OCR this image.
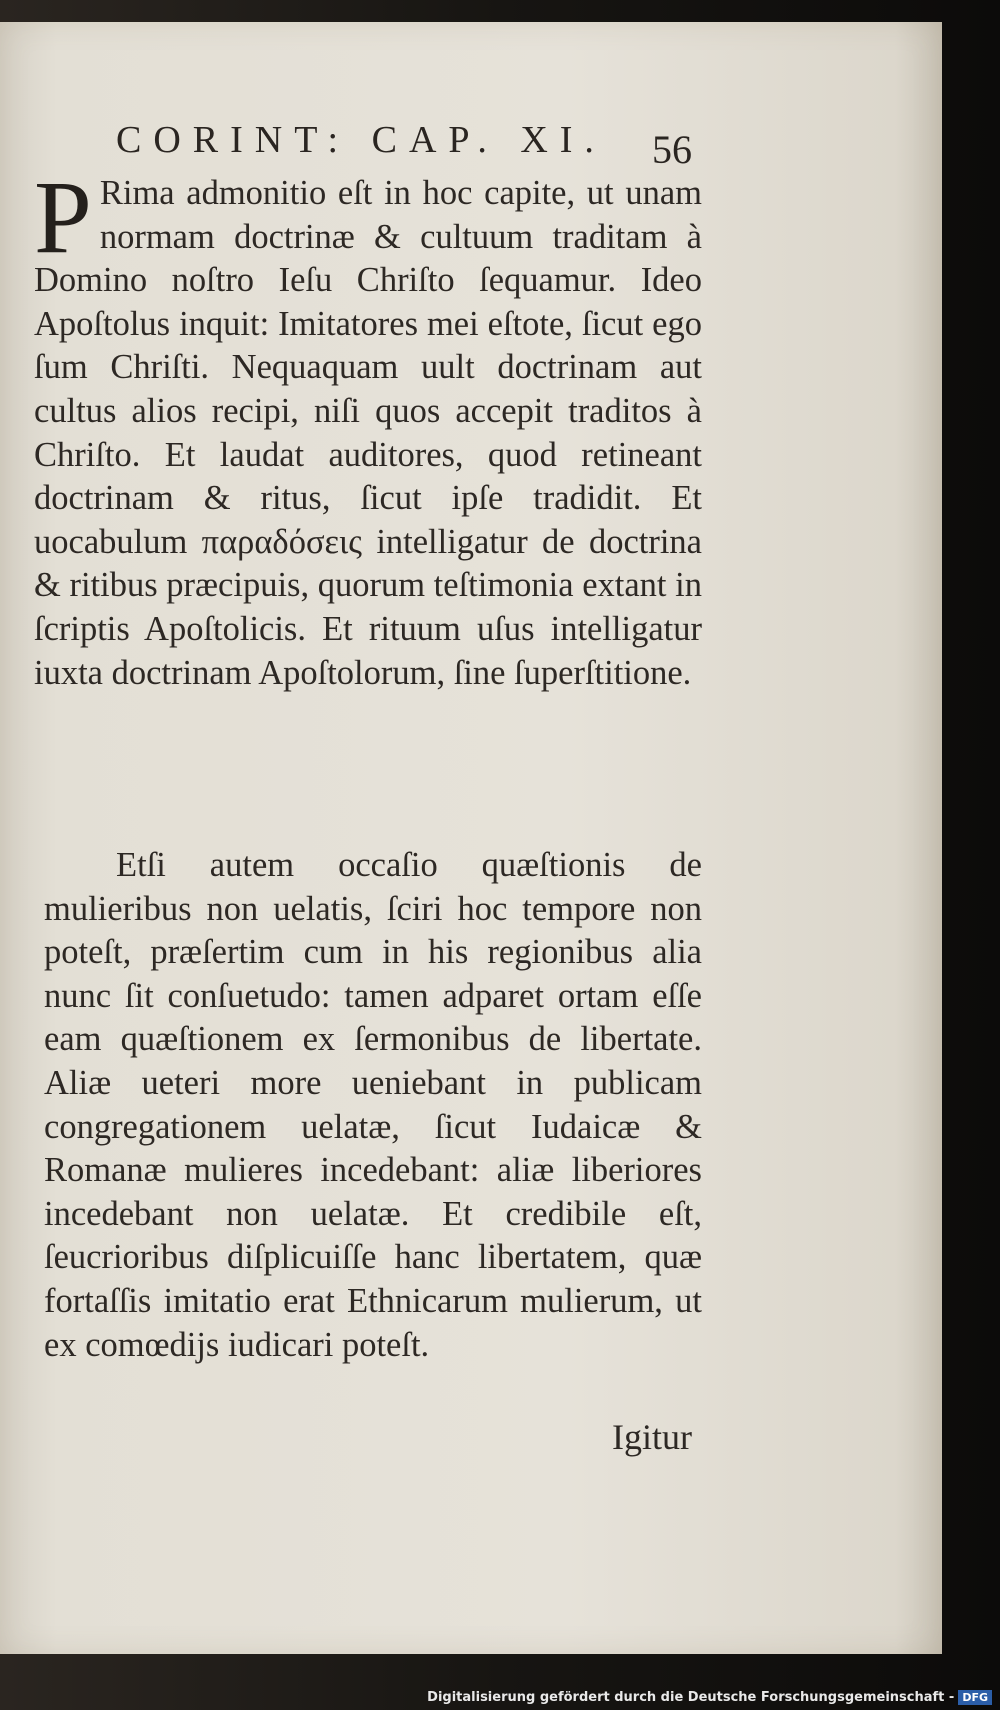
CORINT: CAP. XI.	56

P Rima admonitio eſt in hoc capite, ut unam normam doctrinæ & cultuum traditam à Domino noſtro Ieſu Chriſto ſequamur. Ideo Apoſtolus inquit: Imitatores mei eſtote, ſicut ego ſum Chriſti. Nequaquam uult doctrinam aut cultus alios recipi, niſi quos accepit traditos à Chriſto. Et laudat auditores, quod retineant doctrinam & ritus, ſicut ipſe tradidit. Et uocabulum παραδόσεις intelligatur de doctrina & ritibus præcipuis, quorum teſtimonia extant in ſcriptis Apoſtolicis. Et rituum uſus intelligatur iuxta doctrinam Apoſtolorum, ſine ſuperſtitione.

Etſi autem occaſio quæſtionis de mulieribus non uelatis, ſciri hoc tempore non poteſt, præſertim cum in his regionibus alia nunc ſit conſuetudo: tamen adparet ortam eſſe eam quæſtionem ex ſermonibus de libertate. Aliæ ueteri more ueniebant in publicam congregationem uelatæ, ſicut Iudaicæ & Romanæ mulieres incedebant: aliæ liberiores incedebant non uelatæ. Et credibile eſt, ſeucrioribus diſplicuiſſe hanc libertatem, quæ fortaſſis imitatio erat Ethnicarum mulierum, ut ex comœdijs iudicari poteſt.

Igitur
Digitalisierung gefördert durch die Deutsche Forschungsgemeinschaft - DFG
